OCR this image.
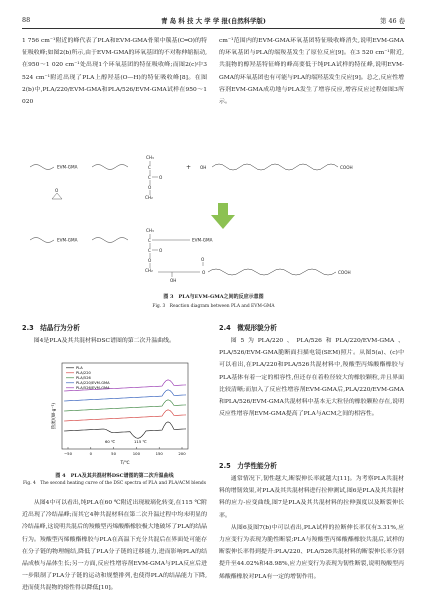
88	青 岛 科 技 大 学 学 报(自然科学版)	第 46 卷

1 756 cm⁻¹附近的峰代表了PLA和EVM-GMA骨架中羰基(C═O)的特征吸收峰;如图2(b)所示,由于EVM-GMA的环氧基团的不对称伸缩振动,在950～1 020 cm⁻¹处出现1个环氧基团的特征吸收峰;而图2(c)中3 524 cm⁻¹附近出现了PLA上醇羟基(O—H)的特征吸收峰[8]。在图2(b)中,PLA/220/EVM-GMA和PLA/526/EVM-GMA试样在950～1 020

cm⁻¹范围内的EVM-GMA环氧基团特征吸收峰消失,说明EVM-GMA的环氧基团与PLA的端羧基发生了原位反应[9]。在3 520 cm⁻¹附近,共混物的醇羟基特征峰的峰高要低于纯PLA试样的特征峰,说明EVM-GMA的环氧基团也有可能与PLA的端羟基发生反应[9]。总之,反应性增容剂EVM-GMA成功地与PLA发生了增容反应,增容反应过程如图3所示。

EVM-GMA
CH₃
C
C O
O
CH₂
O
+ OH	COOH
EVM-GMA
CH₃
C	EVM-GMA
C O
O
CH₂
OH
O	COOH
O
图 3　PLA与EVM-GMA之间的反应示意图
Fig. 3　Reaction diagram between PLA and EVM-GMA
2.3　结晶行为分析

图4是PLA及其共混材料DSC谱图的第二次升温曲线。

热流/(W·g⁻¹)
PLA
PLA/220
PLA/526
PLA/220/EVM-GMA
PLA/526/EVM-GMA
−50	0	50	100	150	200
60 ℃	115 ℃
T/℃
图 4　PLA及其共混材料DSC谱图的第二次升温曲线
Fig. 4　The second heating curve of the DSC spectra of PLA and PLA/ACM blends

从图4中可以看出,纯PLA在60 ℃附近出现玻璃化转变,在115 ℃附近出现了冷结晶峰;而其它4种共混材料在第二次升温过程中均未明显的冷结晶峰,这说明共混后的羧酸型丙烯酸酯橡胶极大地破坏了PLA的结晶行为。羧酸型丙烯酸酯橡胶与PLA在高温下充分共混后在界面处可能存在分子链的物理缠结,降低了PLA分子链的迁移能力,进而影响PLA的结晶成核与晶体生长;另一方面,反应性增容剂EVM-GMA与PLA反应后进一步限制了PLA分子链的运动和规整排列,也使得PLA的结晶能力下降,进而使共混物的熔性得以降低[10]。

2.4　微观形貌分析

图5为PLA/220、PLA/526和PLA/220/EVM-GMA、PLA/526/EVM-GMA脆断面扫描电镜(SEM)照片。从图5(a)、(c)中可以看出,在PLA/220和PLA/526共混材料中,羧酸型丙烯酸酯橡胶与PLA基体有着一定的相容性,但还存在着粒径较大的橡胶颗粒,并且界面比较清晰;而加入了反应性增容剂EVM-GMA后,PLA/220/EVM-GMA和PLA/526/EVM-GMA共混材料中基本无大粒径的橡胶颗粒存在,说明反应性增容剂EVM-GMA提高了PLA与ACM之间的相容性。

2.5　力学性能分析

通常情况下,韧性越大,断裂伸长率就越大[11]。为考察PLA共混材料的增韧效果,对PLA及其共混材料进行拉伸测试,图6是PLA及其共混材料的应力-应变曲线,图7是PLA及其共混材料的拉伸强度以及断裂伸长率。

从图6及图7(b)中可以看出,PLA试样的拉断伸长率仅有3.31%,应力应变行为表现为脆性断裂;PLA与羧酸型丙烯酸酯橡胶共混后,试样的断裂伸长率得到提升:PLA/220、PLA/526共混材料的断裂伸长率分别提升至44.02%和48.98%,应力应变行为表现为韧性断裂,说明羧酸型丙烯酸酯橡胶对PLA有一定的增韧作用。
